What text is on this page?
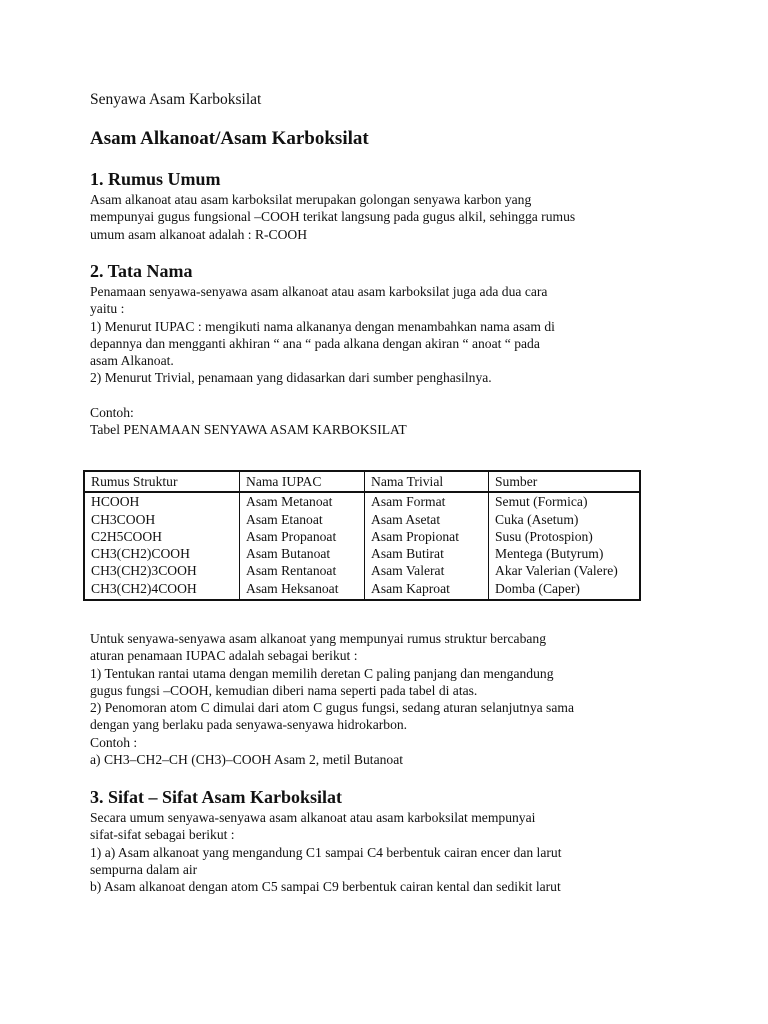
Senyawa Asam Karboksilat
Asam Alkanoat/Asam Karboksilat
1. Rumus Umum

Asam alkanoat atau asam karboksilat merupakan golongan senyawa karbon yang
mempunyai gugus fungsional –COOH terikat langsung pada gugus alkil, sehingga rumus
umum asam alkanoat adalah : R-COOH

2. Tata Nama

Penamaan senyawa-senyawa asam alkanoat atau asam karboksilat juga ada dua cara
yaitu :
1) Menurut IUPAC : mengikuti nama alkananya dengan menambahkan nama asam di
depannya dan mengganti akhiran “ ana “ pada alkana dengan akiran “ anoat “ pada
asam Alkanoat.
2) Menurut Trivial, penamaan yang didasarkan dari sumber penghasilnya.
Contoh:
Tabel PENAMAAN SENYAWA ASAM KARBOKSILAT

Rumus Struktur	Nama IUPAC	Nama Trivial	Sumber
HCOOH	Asam Metanoat	Asam Format	Semut (Formica)
CH3COOH	Asam Etanoat	Asam Asetat	Cuka (Asetum)
C2H5COOH	Asam Propanoat	Asam Propionat	Susu (Protospion)
CH3(CH2)COOH	Asam Butanoat	Asam Butirat	Mentega (Butyrum)
CH3(CH2)3COOH	Asam Rentanoat	Asam Valerat	Akar Valerian (Valere)
CH3(CH2)4COOH	Asam Heksanoat	Asam Kaproat	Domba (Caper)

Untuk senyawa-senyawa asam alkanoat yang mempunyai rumus struktur bercabang
aturan penamaan IUPAC adalah sebagai berikut :
1) Tentukan rantai utama dengan memilih deretan C paling panjang dan mengandung
gugus fungsi –COOH, kemudian diberi nama seperti pada tabel di atas.
2) Penomoran atom C dimulai dari atom C gugus fungsi, sedang aturan selanjutnya sama
dengan yang berlaku pada senyawa-senyawa hidrokarbon.
Contoh :
a) CH3–CH2–CH (CH3)–COOH Asam 2, metil Butanoat

3. Sifat – Sifat Asam Karboksilat

Secara umum senyawa-senyawa asam alkanoat atau asam karboksilat mempunyai
sifat-sifat sebagai berikut :
1) a) Asam alkanoat yang mengandung C1 sampai C4 berbentuk cairan encer dan larut
sempurna dalam air
b) Asam alkanoat dengan atom C5 sampai C9 berbentuk cairan kental dan sedikit larut
